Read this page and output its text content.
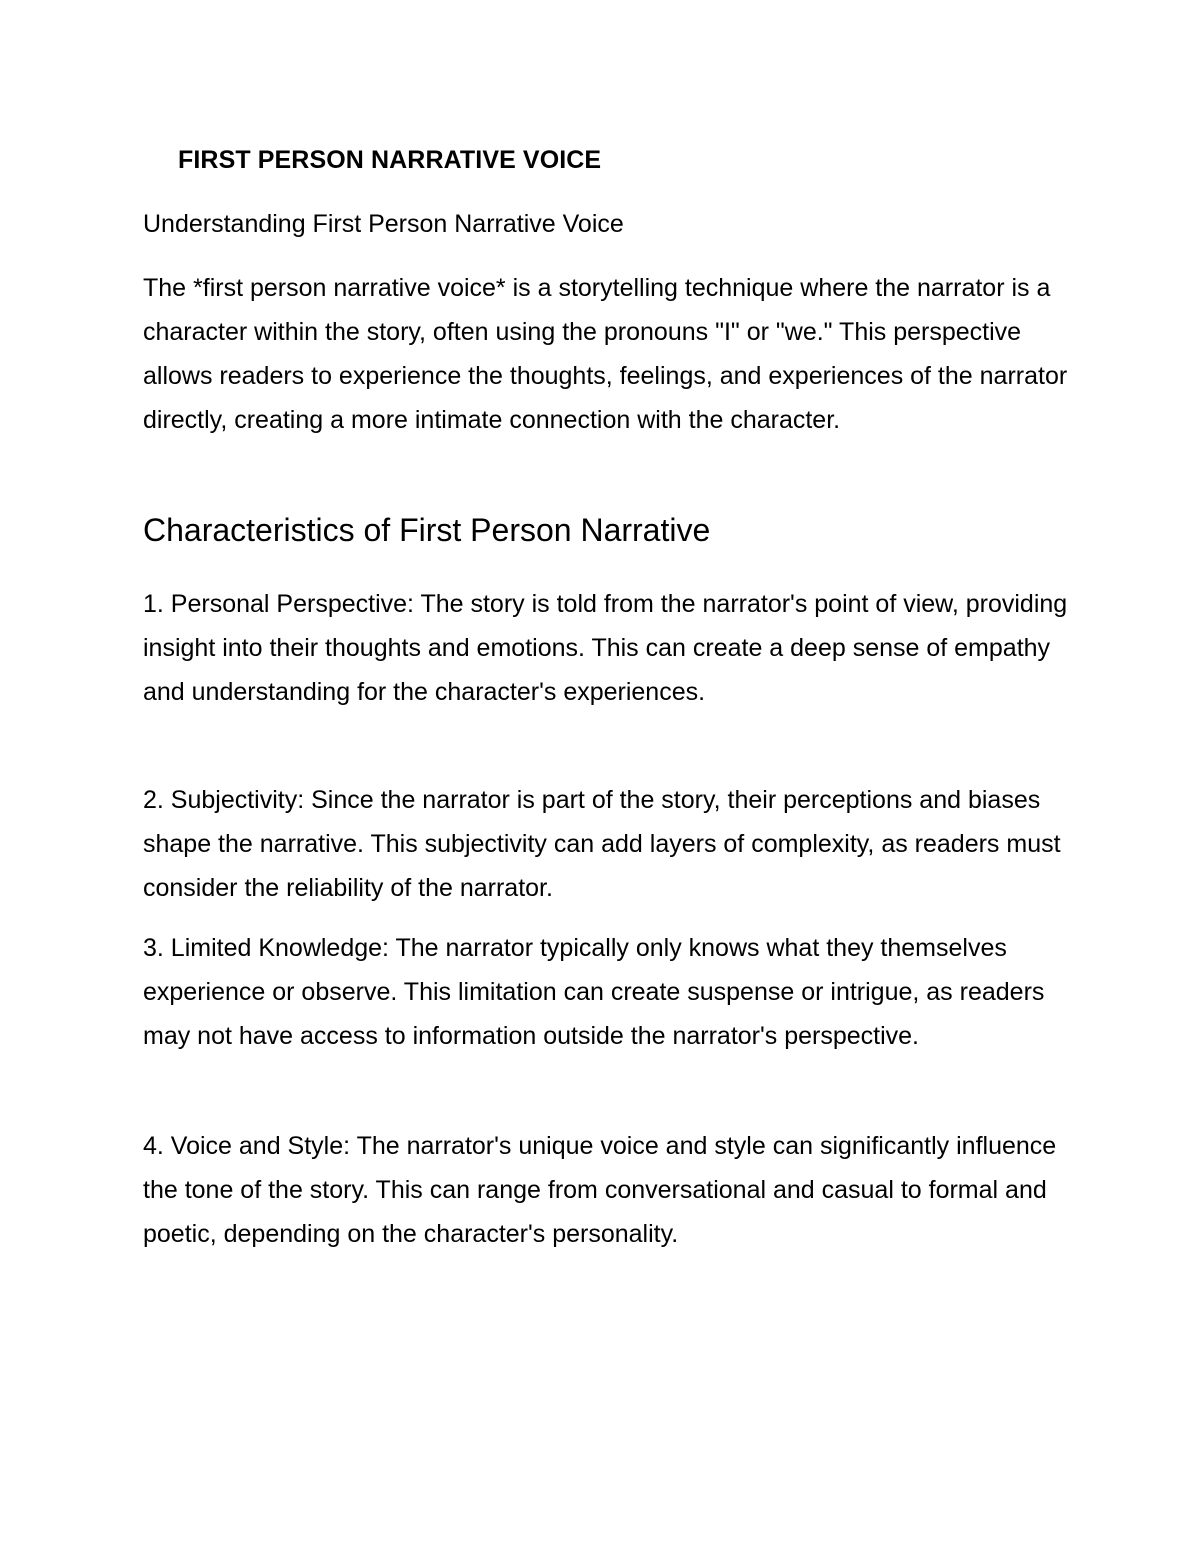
FIRST PERSON NARRATIVE VOICE
Understanding First Person Narrative Voice

The *first person narrative voice* is a storytelling technique where the narrator is a character within the story, often using the pronouns "I" or "we." This perspective allows readers to experience the thoughts, feelings, and experiences of the narrator directly, creating a more intimate connection with the character.

Characteristics of First Person Narrative

1. Personal Perspective: The story is told from the narrator's point of view, providing insight into their thoughts and emotions. This can create a deep sense of empathy and understanding for the character's experiences.

2. Subjectivity: Since the narrator is part of the story, their perceptions and biases shape the narrative. This subjectivity can add layers of complexity, as readers must consider the reliability of the narrator.

3. Limited Knowledge: The narrator typically only knows what they themselves experience or observe. This limitation can create suspense or intrigue, as readers may not have access to information outside the narrator's perspective.

4. Voice and Style: The narrator's unique voice and style can significantly influence the tone of the story. This can range from conversational and casual to formal and poetic, depending on the character's personality.
